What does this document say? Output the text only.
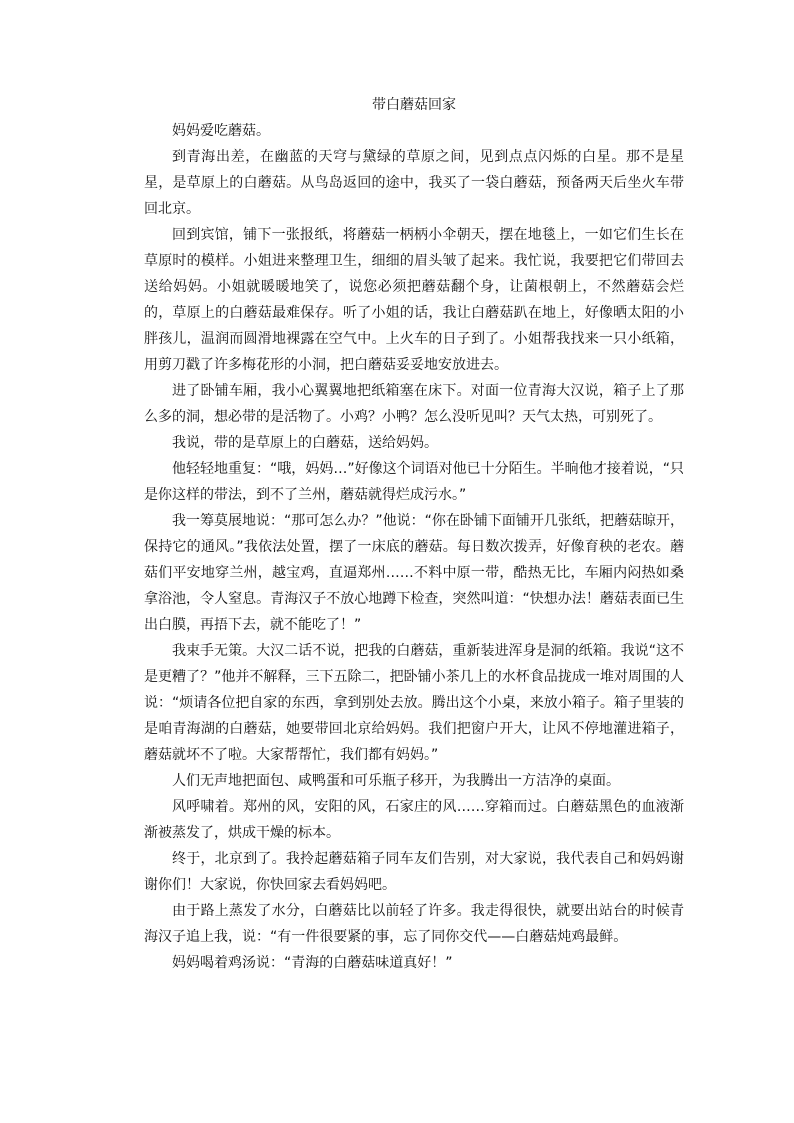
带白蘑菇回家

妈妈爱吃蘑菇。

到青海出差，在幽蓝的天穹与黛绿的草原之间，见到点点闪烁的白星。那不是星星，是草原上的白蘑菇。从鸟岛返回的途中，我买了一袋白蘑菇，预备两天后坐火车带回北京。

回到宾馆，铺下一张报纸，将蘑菇一柄柄小伞朝天，摆在地毯上，一如它们生长在草原时的模样。小姐进来整理卫生，细细的眉头皱了起来。我忙说，我要把它们带回去送给妈妈。小姐就暖暖地笑了，说您必须把蘑菇翻个身，让菌根朝上，不然蘑菇会烂的，草原上的白蘑菇最难保存。听了小姐的话，我让白蘑菇趴在地上，好像晒太阳的小胖孩儿，温润而圆滑地裸露在空气中。上火车的日子到了。小姐帮我找来一只小纸箱，用剪刀戳了许多梅花形的小洞，把白蘑菇妥妥地安放进去。

进了卧铺车厢，我小心翼翼地把纸箱塞在床下。对面一位青海大汉说，箱子上了那么多的洞，想必带的是活物了。小鸡？小鸭？怎么没听见叫？天气太热，可别死了。

我说，带的是草原上的白蘑菇，送给妈妈。

他轻轻地重复：“哦，妈妈…”好像这个词语对他已十分陌生。半晌他才接着说，“只是你这样的带法，到不了兰州，蘑菇就得烂成污水。”

我一筹莫展地说：“那可怎么办？”他说：“你在卧铺下面铺开几张纸，把蘑菇晾开，保持它的通风。”我依法处置，摆了一床底的蘑菇。每日数次拨弄，好像育秧的老农。蘑菇们平安地穿兰州，越宝鸡，直逼郑州……不料中原一带，酷热无比，车厢内闷热如桑拿浴池，令人窒息。青海汉子不放心地蹲下检查，突然叫道：“快想办法！蘑菇表面已生出白膜，再捂下去，就不能吃了！”

我束手无策。大汉二话不说，把我的白蘑菇，重新装进浑身是洞的纸箱。我说“这不是更糟了？”他并不解释，三下五除二，把卧铺小茶几上的水杯食品拢成一堆对周围的人说：“烦请各位把自家的东西，拿到别处去放。腾出这个小桌，来放小箱子。箱子里装的是咱青海湖的白蘑菇，她要带回北京给妈妈。我们把窗户开大，让风不停地灌进箱子，蘑菇就坏不了啦。大家帮帮忙，我们都有妈妈。”

人们无声地把面包、咸鸭蛋和可乐瓶子移开，为我腾出一方洁净的桌面。

风呼啸着。郑州的风，安阳的风，石家庄的风……穿箱而过。白蘑菇黑色的血液渐渐被蒸发了，烘成干燥的标本。

终于，北京到了。我拎起蘑菇箱子同车友们告别，对大家说，我代表自己和妈妈谢谢你们！大家说，你快回家去看妈妈吧。

由于路上蒸发了水分，白蘑菇比以前轻了许多。我走得很快，就要出站台的时候青海汉子追上我，说：“有一件很要紧的事，忘了同你交代——白蘑菇炖鸡最鲜。

妈妈喝着鸡汤说：“青海的白蘑菇味道真好！”
